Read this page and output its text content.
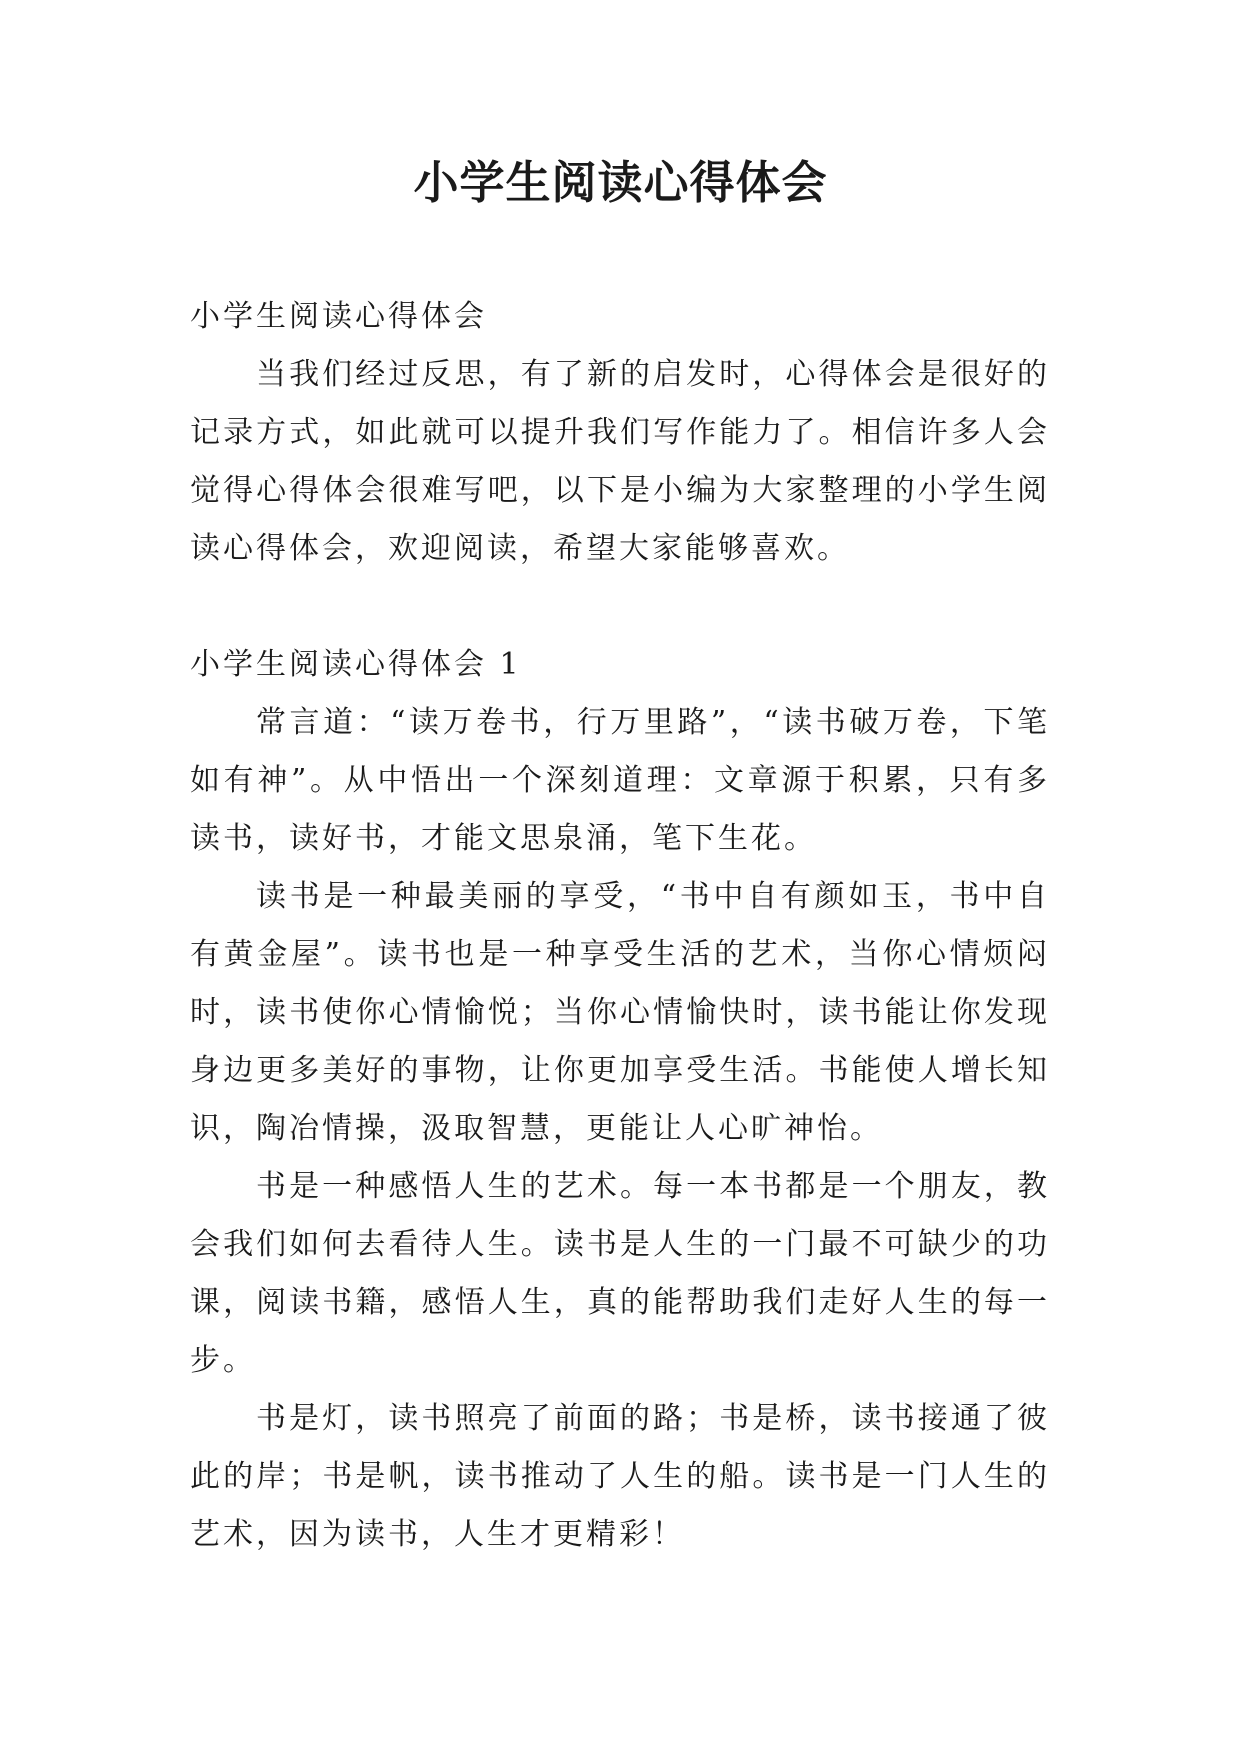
小学生阅读心得体会

小学生阅读心得体会

当我们经过反思，有了新的启发时，心得体会是很好的记录方式，如此就可以提升我们写作能力了。相信许多人会觉得心得体会很难写吧，以下是小编为大家整理的小学生阅读心得体会，欢迎阅读，希望大家能够喜欢。

小学生阅读心得体会 1

常言道：“读万卷书，行万里路”，“读书破万卷，下笔如有神”。从中悟出一个深刻道理：文章源于积累，只有多读书，读好书，才能文思泉涌，笔下生花。

读书是一种最美丽的享受，“书中自有颜如玉，书中自有黄金屋”。读书也是一种享受生活的艺术，当你心情烦闷时，读书使你心情愉悦；当你心情愉快时，读书能让你发现身边更多美好的事物，让你更加享受生活。书能使人增长知识，陶冶情操，汲取智慧，更能让人心旷神怡。

书是一种感悟人生的艺术。每一本书都是一个朋友，教会我们如何去看待人生。读书是人生的一门最不可缺少的功课，阅读书籍，感悟人生，真的能帮助我们走好人生的每一步。

书是灯，读书照亮了前面的路；书是桥，读书接通了彼此的岸；书是帆，读书推动了人生的船。读书是一门人生的艺术，因为读书，人生才更精彩！
